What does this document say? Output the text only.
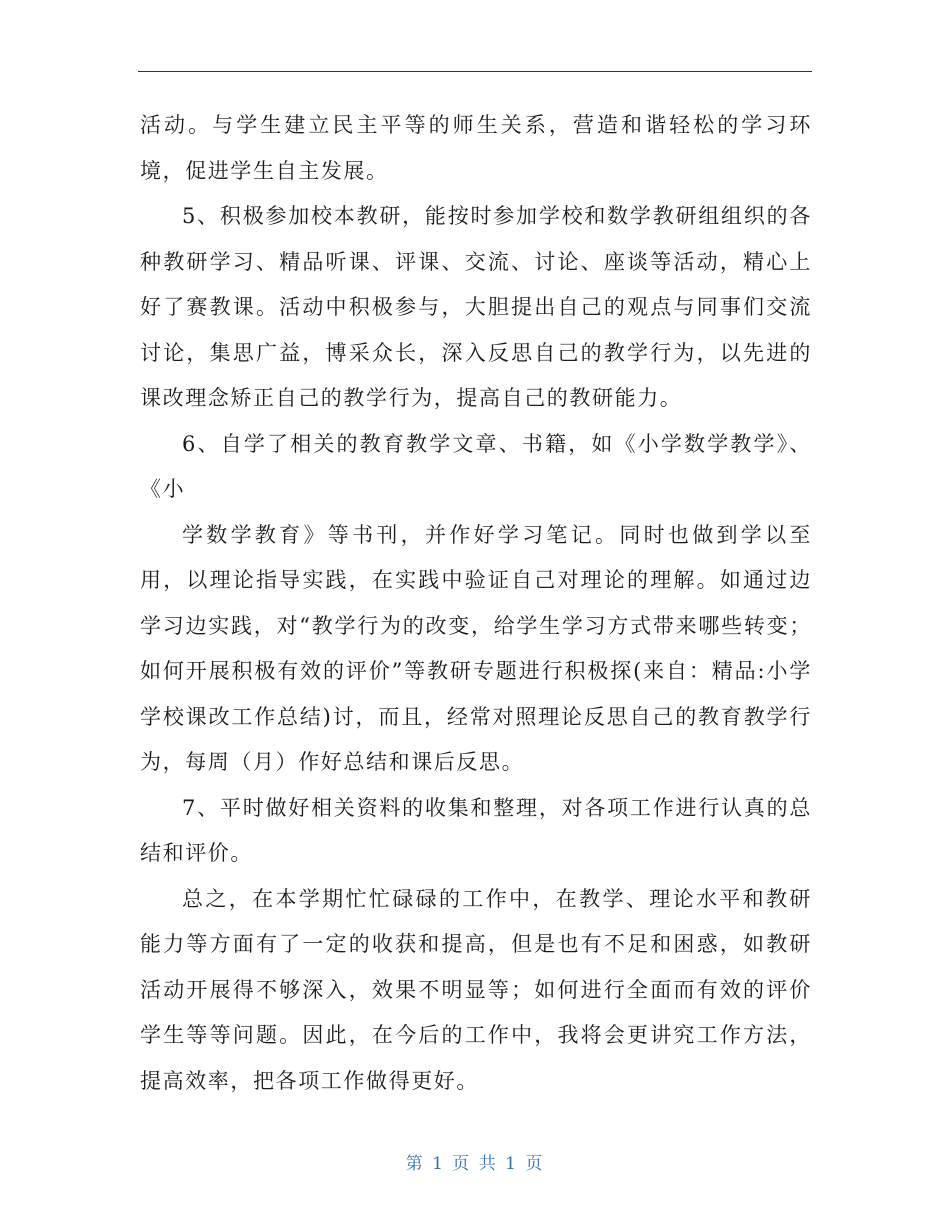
活动。与学生建立民主平等的师生关系，营造和谐轻松的学习环境，促进学生自主发展。

5、积极参加校本教研，能按时参加学校和数学教研组组织的各种教研学习、精品听课、评课、交流、讨论、座谈等活动，精心上好了赛教课。活动中积极参与，大胆提出自己的观点与同事们交流讨论，集思广益，博采众长，深入反思自己的教学行为，以先进的课改理念矫正自己的教学行为，提高自己的教研能力。

6、自学了相关的教育教学文章、书籍，如《小学数学教学》、《小

学数学教育》等书刊，并作好学习笔记。同时也做到学以至用，以理论指导实践，在实践中验证自己对理论的理解。如通过边学习边实践，对“教学行为的改变，给学生学习方式带来哪些转变；如何开展积极有效的评价”等教研专题进行积极探(来自：精品:小学学校课改工作总结)讨，而且，经常对照理论反思自己的教育教学行为，每周（月）作好总结和课后反思。

7、平时做好相关资料的收集和整理，对各项工作进行认真的总结和评价。

总之，在本学期忙忙碌碌的工作中，在教学、理论水平和教研能力等方面有了一定的收获和提高，但是也有不足和困惑，如教研活动开展得不够深入，效果不明显等；如何进行全面而有效的评价学生等等问题。因此，在今后的工作中，我将会更讲究工作方法，提高效率，把各项工作做得更好。

第 1 页 共 1 页
